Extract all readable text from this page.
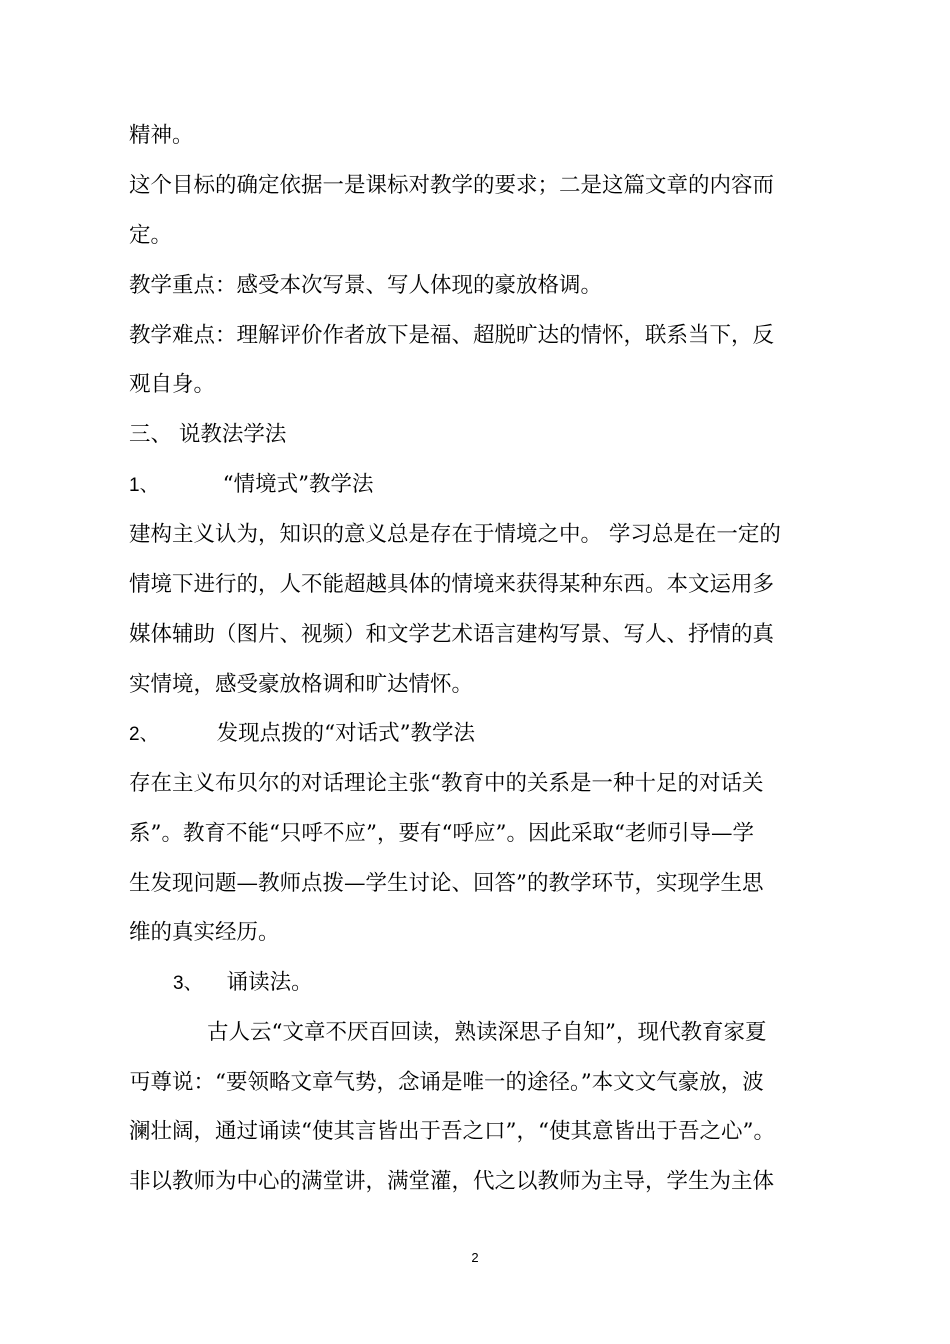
精神。
这个目标的确定依据一是课标对教学的要求；二是这篇文章的内容而
定。
教学重点：感受本次写景、写人体现的豪放格调。
教学难点：理解评价作者放下是福、超脱旷达的情怀，联系当下，反
观自身。
三、 说教法学法
1、	“情境式”教学法
建构主义认为，知识的意义总是存在于情境之中。 学习总是在一定的
情境下进行的，人不能超越具体的情境来获得某种东西。本文运用多
媒体辅助（图片、视频）和文学艺术语言建构写景、写人、抒情的真
实情境，感受豪放格调和旷达情怀。
2、	发现点拨的“对话式”教学法
存在主义布贝尔的对话理论主张“教育中的关系是一种十足的对话关
系”。教育不能“只呼不应”，要有“呼应”。因此采取“老师引导—学
生发现问题—教师点拨—学生讨论、回答”的教学环节，实现学生思
维的真实经历。
3、 诵读法。
古人云“文章不厌百回读，熟读深思子自知”，现代教育家夏
丏尊说：“要领略文章气势，念诵是唯一的途径。”本文文气豪放，波
澜壮阔，通过诵读“使其言皆出于吾之口”，“使其意皆出于吾之心”。
非以教师为中心的满堂讲，满堂灌，代之以教师为主导，学生为主体
2
